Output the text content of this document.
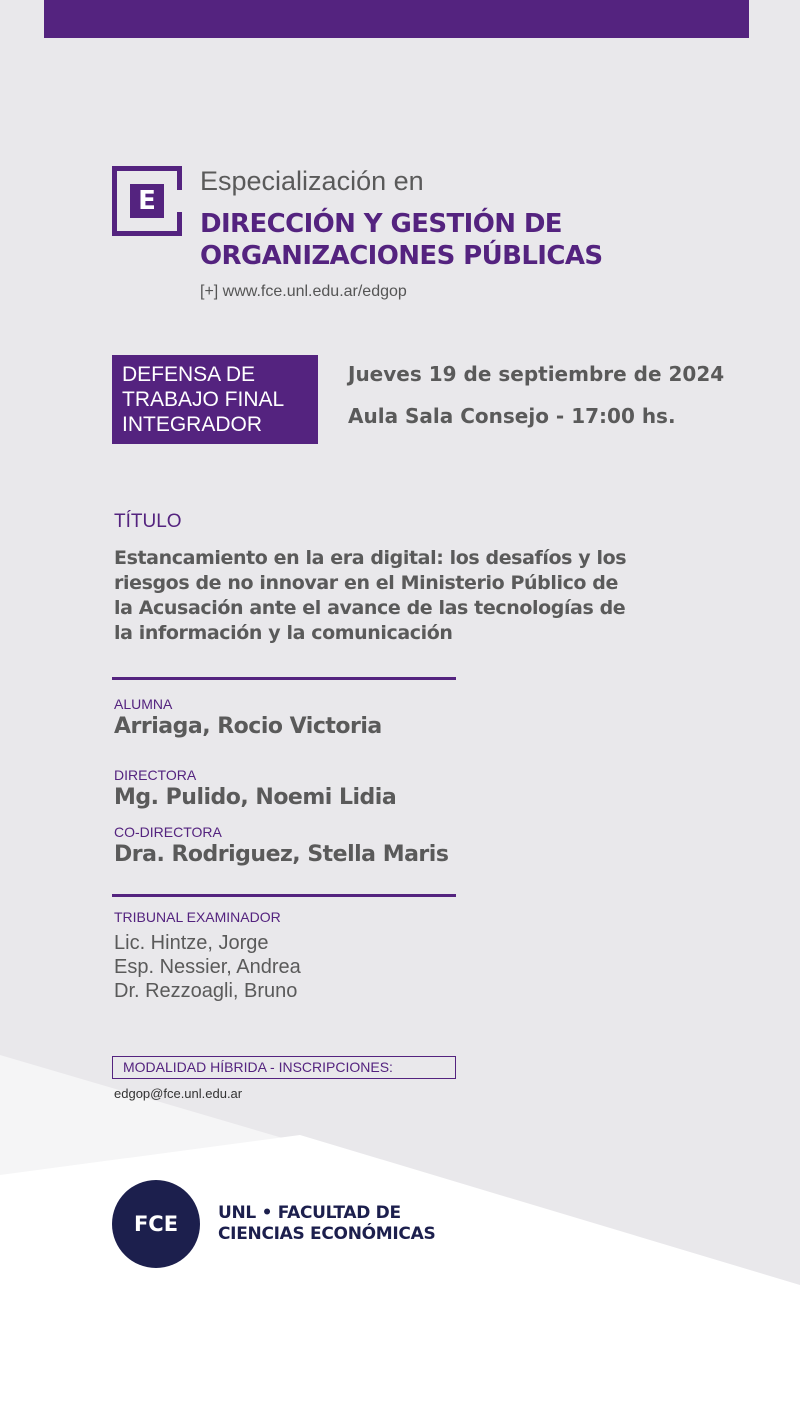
E
Especialización en
DIRECCIÓN Y GESTIÓN DE
ORGANIZACIONES PÚBLICAS
[+] www.fce.unl.edu.ar/edgop
DEFENSA DE
TRABAJO FINAL
INTEGRADOR
Jueves 19 de septiembre de 2024
Aula Sala Consejo - 17:00 hs.
TÍTULO
Estancamiento en la era digital: los desafíos y los
riesgos de no innovar en el Ministerio Público de
la Acusación ante el avance de las tecnologías de
la información y la comunicación
ALUMNA
Arriaga, Rocio Victoria
DIRECTORA
Mg. Pulido, Noemi Lidia
CO-DIRECTORA
Dra. Rodriguez, Stella Maris
TRIBUNAL EXAMINADOR
Lic. Hintze, Jorge
Esp. Nessier, Andrea
Dr. Rezzoagli, Bruno
MODALIDAD HÍBRIDA - INSCRIPCIONES:
edgop@fce.unl.edu.ar
FCE	UNL • FACULTAD DE
CIENCIAS ECONÓMICAS
